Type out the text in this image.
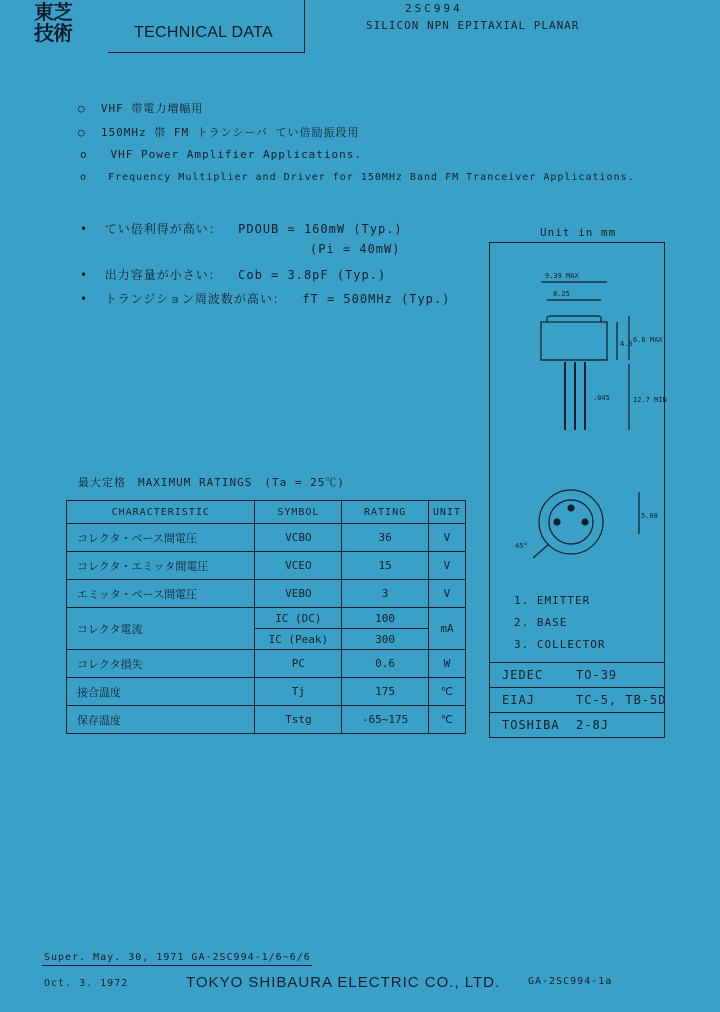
東芝
技術	TECHNICAL DATA
2SC994
SILICON NPN EPITAXIAL PLANAR
○ VHF 帯電力増幅用
○ 150MHz 帯 FM トランシーバ てい倍励振段用
o VHF Power Amplifier Applications.
o Frequency Multiplier and Driver for 150MHz Band FM Tranceiver Applications.
• てい倍利得が高い： PDOUB = 160mW (Typ.)
(Pi = 40mW)
• 出力容量が小さい： Cob = 3.8pF (Typ.)
• トランジション周波数が高い： fT = 500MHz (Typ.)
最大定格　MAXIMUM RATINGS　(Ta = 25℃)
CHARACTERISTIC	SYMBOL	RATING	UNIT
コレクタ・ベース間電圧	VCBO	36	V
コレクタ・エミッタ間電圧	VCEO	15	V
エミッタ・ベース間電圧	VEBO	3	V
コレクタ電流	IC (DC)	100	mA
	IC (Peak)	300	
コレクタ損失	PC	0.6	W
接合温度	Tj	175	℃
保存温度	Tstg	-65~175	℃
Unit in mm
9.39 MAX
8.25
4.6 6.6 MAX
12.7 MIN
.045
5.08
45°
1. EMITTER
2. BASE
3. COLLECTOR
JEDEC    TO-39
EIAJ     TC-5, TB-5D
TOSHIBA  2-8J
Super. May. 30, 1971 GA-2SC994-1/6~6/6
Oct. 3. 1972	TOKYO SHIBAURA ELECTRIC CO., LTD.	GA-2SC994-1a
